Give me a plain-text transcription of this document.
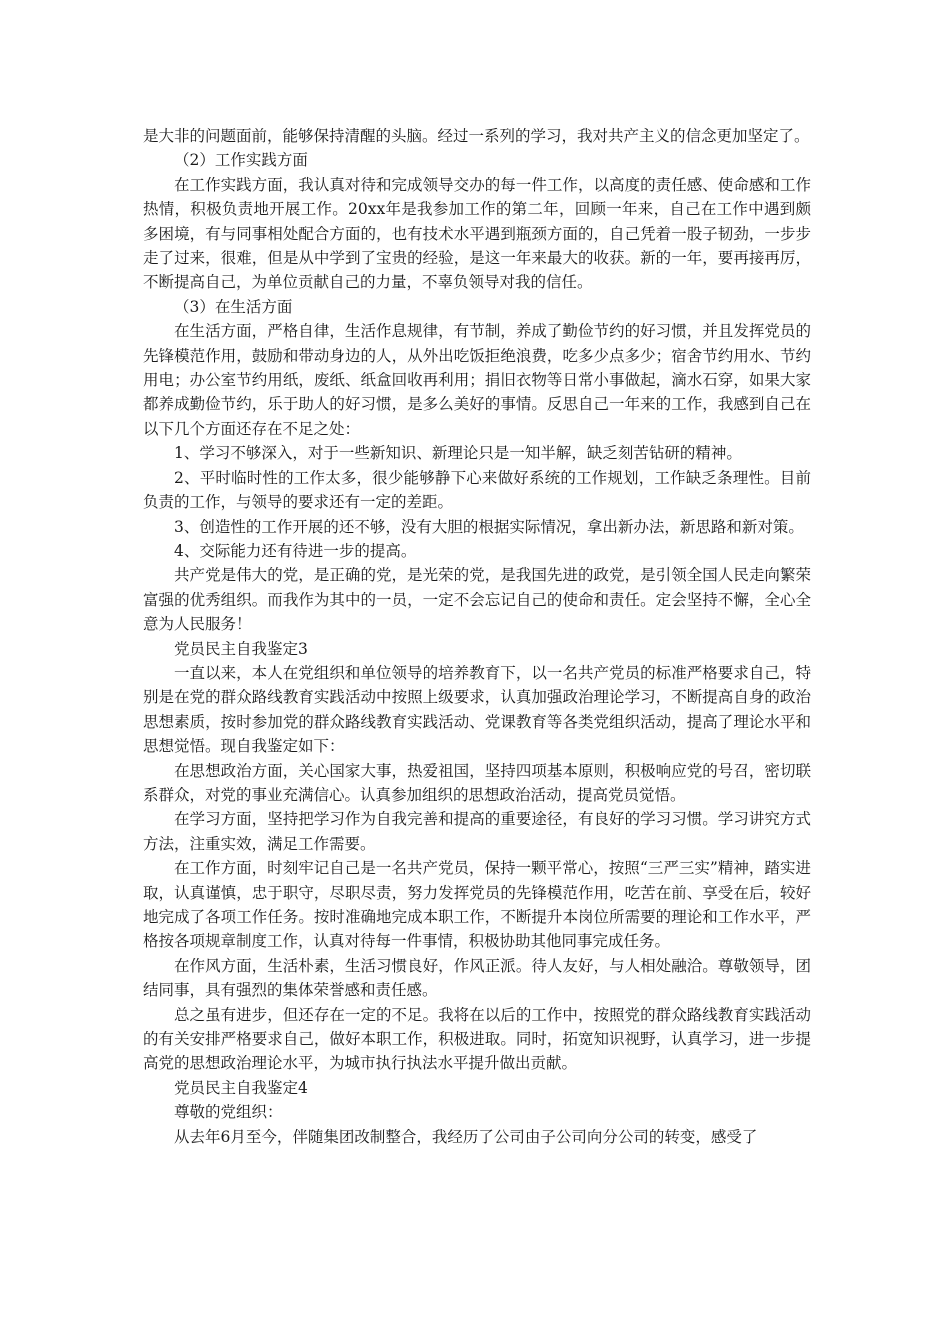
是大非的问题面前，能够保持清醒的头脑。经过一系列的学习，我对共产主义的信念更加坚定了。

（2）工作实践方面

在工作实践方面，我认真对待和完成领导交办的每一件工作，以高度的责任感、使命感和工作热情，积极负责地开展工作。20xx年是我参加工作的第二年，回顾一年来，自己在工作中遇到颇多困境，有与同事相处配合方面的，也有技术水平遇到瓶颈方面的，自己凭着一股子韧劲，一步步走了过来，很难，但是从中学到了宝贵的经验，是这一年来最大的收获。新的一年，要再接再厉，不断提高自己，为单位贡献自己的力量，不辜负领导对我的信任。

（3）在生活方面

在生活方面，严格自律，生活作息规律，有节制，养成了勤俭节约的好习惯，并且发挥党员的先锋模范作用，鼓励和带动身边的人，从外出吃饭拒绝浪费，吃多少点多少；宿舍节约用水、节约用电；办公室节约用纸，废纸、纸盒回收再利用；捐旧衣物等日常小事做起，滴水石穿，如果大家都养成勤俭节约，乐于助人的好习惯，是多么美好的事情。反思自己一年来的工作，我感到自己在以下几个方面还存在不足之处：

1、学习不够深入，对于一些新知识、新理论只是一知半解，缺乏刻苦钻研的精神。

2、平时临时性的工作太多，很少能够静下心来做好系统的工作规划，工作缺乏条理性。目前负责的工作，与领导的要求还有一定的差距。

3、创造性的工作开展的还不够，没有大胆的根据实际情况，拿出新办法，新思路和新对策。

4、交际能力还有待进一步的提高。

共产党是伟大的党，是正确的党，是光荣的党，是我国先进的政党，是引领全国人民走向繁荣富强的优秀组织。而我作为其中的一员，一定不会忘记自己的使命和责任。定会坚持不懈，全心全意为人民服务！

党员民主自我鉴定3

一直以来，本人在党组织和单位领导的培养教育下，以一名共产党员的标准严格要求自己，特别是在党的群众路线教育实践活动中按照上级要求，认真加强政治理论学习，不断提高自身的政治思想素质，按时参加党的群众路线教育实践活动、党课教育等各类党组织活动，提高了理论水平和思想觉悟。现自我鉴定如下：

在思想政治方面，关心国家大事，热爱祖国，坚持四项基本原则，积极响应党的号召，密切联系群众，对党的事业充满信心。认真参加组织的思想政治活动，提高党员觉悟。

在学习方面，坚持把学习作为自我完善和提高的重要途径，有良好的学习习惯。学习讲究方式方法，注重实效，满足工作需要。

在工作方面，时刻牢记自己是一名共产党员，保持一颗平常心，按照“三严三实”精神，踏实进取，认真谨慎，忠于职守，尽职尽责，努力发挥党员的先锋模范作用，吃苦在前、享受在后，较好地完成了各项工作任务。按时准确地完成本职工作，不断提升本岗位所需要的理论和工作水平，严格按各项规章制度工作，认真对待每一件事情，积极协助其他同事完成任务。

在作风方面，生活朴素，生活习惯良好，作风正派。待人友好，与人相处融洽。尊敬领导，团结同事，具有强烈的集体荣誉感和责任感。

总之虽有进步，但还存在一定的不足。我将在以后的工作中，按照党的群众路线教育实践活动的有关安排严格要求自己，做好本职工作，积极进取。同时，拓宽知识视野，认真学习，进一步提高党的思想政治理论水平，为城市执行执法水平提升做出贡献。

党员民主自我鉴定4

尊敬的党组织：

从去年6月至今，伴随集团改制整合，我经历了公司由子公司向分公司的转变，感受了
